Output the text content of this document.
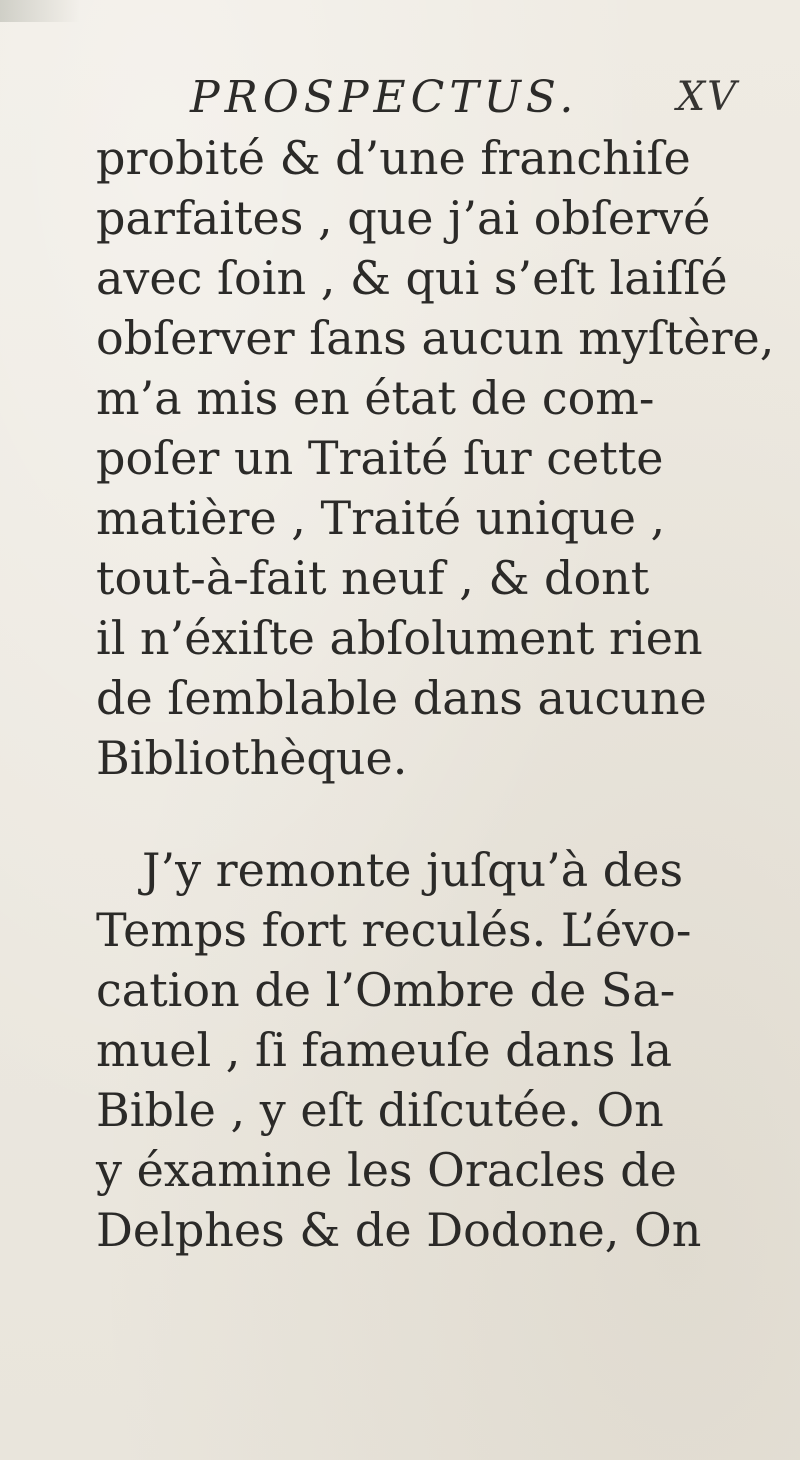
PROSPECTUS. XV
probité & d’une franchiſe
parfaites , que j’ai obſervé
avec ſoin , & qui s’eſt laiſſé
obſerver ſans aucun myſtère,
m’a mis en état de com-
poſer un Traité ſur cette
matière , Traité unique ,
tout-à-fait neuf , & dont
il n’éxiſte abſolument rien
de ſemblable dans aucune
Bibliothèque.
J’y remonte juſqu’à des
Temps fort reculés. L’évo-
cation de l’Ombre de Sa-
muel , ſi fameuſe dans la
Bible , y eſt diſcutée. On
y éxamine les Oracles de
Delphes & de Dodone, On
